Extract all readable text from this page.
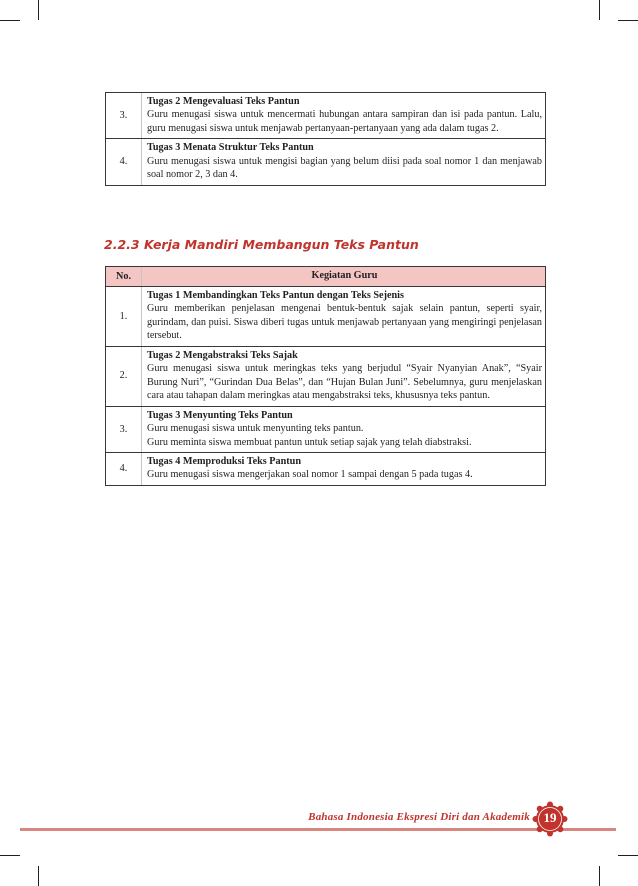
3.	Tugas 2 Mengevaluasi Teks Pantun
Guru menugasi siswa untuk mencermati hubungan antara sampiran dan isi pada pantun. Lalu, guru menugasi siswa untuk menjawab pertanyaan-pertanyaan yang ada dalam tugas 2.

4.	Tugas 3 Menata Struktur Teks Pantun
Guru menugasi siswa untuk mengisi bagian yang belum diisi pada soal nomor 1 dan menjawab soal nomor 2, 3 dan 4.
2.2.3 Kerja Mandiri Membangun Teks Pantun
No.	Kegiatan Guru
1.	Tugas 1 Membandingkan Teks Pantun dengan Teks Sejenis
Guru memberikan penjelasan mengenai bentuk-bentuk sajak selain pantun, seperti syair, gurindam, dan puisi. Siswa diberi tugas untuk menjawab pertanyaan yang mengiringi penjelasan tersebut.

2.	Tugas 2 Mengabstraksi Teks Sajak
Guru menugasi siswa untuk meringkas teks yang berjudul “Syair Nyanyian Anak”, “Syair Burung Nuri”, “Gurindan Dua Belas”, dan “Hujan Bulan Juni”. Sebelumnya, guru menjelaskan cara atau tahapan dalam meringkas atau mengabstraksi teks, khususnya teks pantun.

3.	Tugas 3 Menyunting Teks Pantun
Guru menugasi siswa untuk menyunting teks pantun.
Guru meminta siswa membuat pantun untuk setiap sajak yang telah diabstraksi.

4.	Tugas 4 Memproduksi Teks Pantun
Guru menugasi siswa mengerjakan soal nomor 1 sampai dengan 5 pada tugas 4.
Bahasa Indonesia Ekspresi Diri dan Akademik	19
